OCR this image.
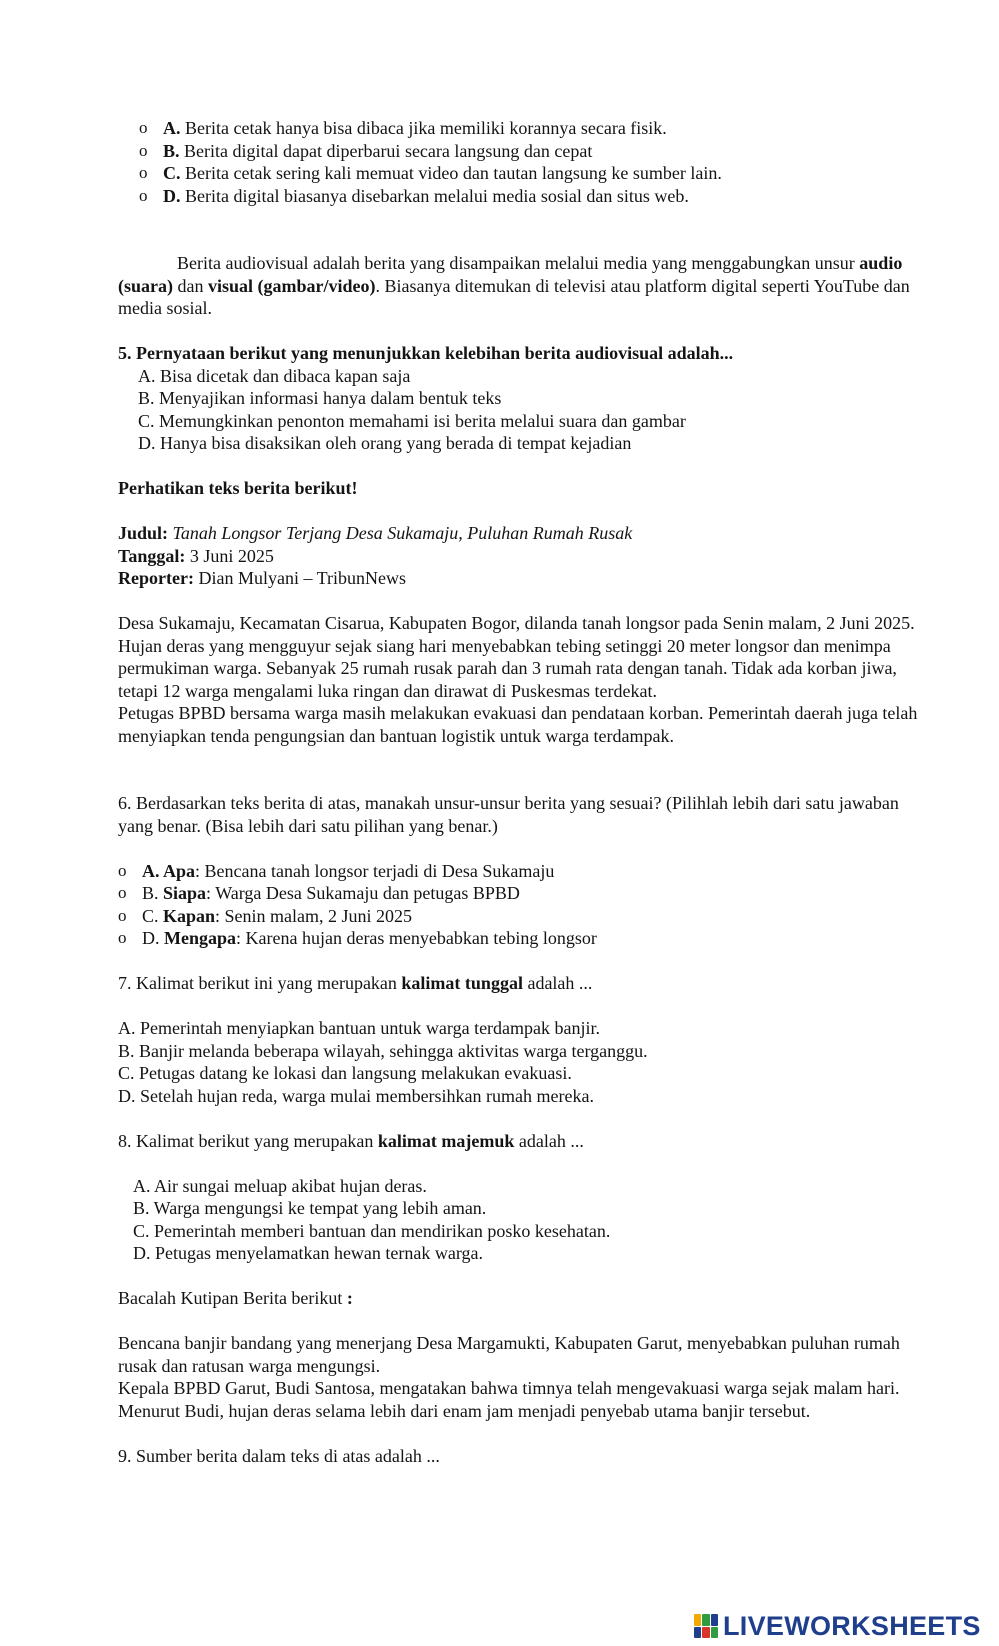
o A. Berita cetak hanya bisa dibaca jika memiliki korannya secara fisik.
o B. Berita digital dapat diperbarui secara langsung dan cepat
o C. Berita cetak sering kali memuat video dan tautan langsung ke sumber lain.
o D. Berita digital biasanya disebarkan melalui media sosial dan situs web.

Berita audiovisual adalah berita yang disampaikan melalui media yang menggabungkan unsur audio (suara) dan visual (gambar/video). Biasanya ditemukan di televisi atau platform digital seperti YouTube dan media sosial.

5. Pernyataan berikut yang menunjukkan kelebihan berita audiovisual adalah...

A. Bisa dicetak dan dibaca kapan saja
B. Menyajikan informasi hanya dalam bentuk teks
C. Memungkinkan penonton memahami isi berita melalui suara dan gambar
D. Hanya bisa disaksikan oleh orang yang berada di tempat kejadian

Perhatikan teks berita berikut!

Judul: Tanah Longsor Terjang Desa Sukamaju, Puluhan Rumah Rusak

Tanggal: 3 Juni 2025

Reporter: Dian Mulyani – TribunNews

Desa Sukamaju, Kecamatan Cisarua, Kabupaten Bogor, dilanda tanah longsor pada Senin malam, 2 Juni 2025. Hujan deras yang mengguyur sejak siang hari menyebabkan tebing setinggi 20 meter longsor dan menimpa permukiman warga. Sebanyak 25 rumah rusak parah dan 3 rumah rata dengan tanah. Tidak ada korban jiwa, tetapi 12 warga mengalami luka ringan dan dirawat di Puskesmas terdekat.

Petugas BPBD bersama warga masih melakukan evakuasi dan pendataan korban. Pemerintah daerah juga telah menyiapkan tenda pengungsian dan bantuan logistik untuk warga terdampak.

6. Berdasarkan teks berita di atas, manakah unsur-unsur berita yang sesuai? (Pilihlah lebih dari satu jawaban yang benar. (Bisa lebih dari satu pilihan yang benar.)

o A. Apa: Bencana tanah longsor terjadi di Desa Sukamaju
o B. Siapa: Warga Desa Sukamaju dan petugas BPBD
o C. Kapan: Senin malam, 2 Juni 2025
o D. Mengapa: Karena hujan deras menyebabkan tebing longsor

7. Kalimat berikut ini yang merupakan kalimat tunggal adalah ...

A. Pemerintah menyiapkan bantuan untuk warga terdampak banjir.
B. Banjir melanda beberapa wilayah, sehingga aktivitas warga terganggu.
C. Petugas datang ke lokasi dan langsung melakukan evakuasi.
D. Setelah hujan reda, warga mulai membersihkan rumah mereka.

8. Kalimat berikut yang merupakan kalimat majemuk adalah ...

A. Air sungai meluap akibat hujan deras.
B. Warga mengungsi ke tempat yang lebih aman.
C. Pemerintah memberi bantuan dan mendirikan posko kesehatan.
D. Petugas menyelamatkan hewan ternak warga.

Bacalah Kutipan Berita berikut :

Bencana banjir bandang yang menerjang Desa Margamukti, Kabupaten Garut, menyebabkan puluhan rumah rusak dan ratusan warga mengungsi.

Kepala BPBD Garut, Budi Santosa, mengatakan bahwa timnya telah mengevakuasi warga sejak malam hari.

Menurut Budi, hujan deras selama lebih dari enam jam menjadi penyebab utama banjir tersebut.

9. Sumber berita dalam teks di atas adalah ...

LIVEWORKSHEETS
